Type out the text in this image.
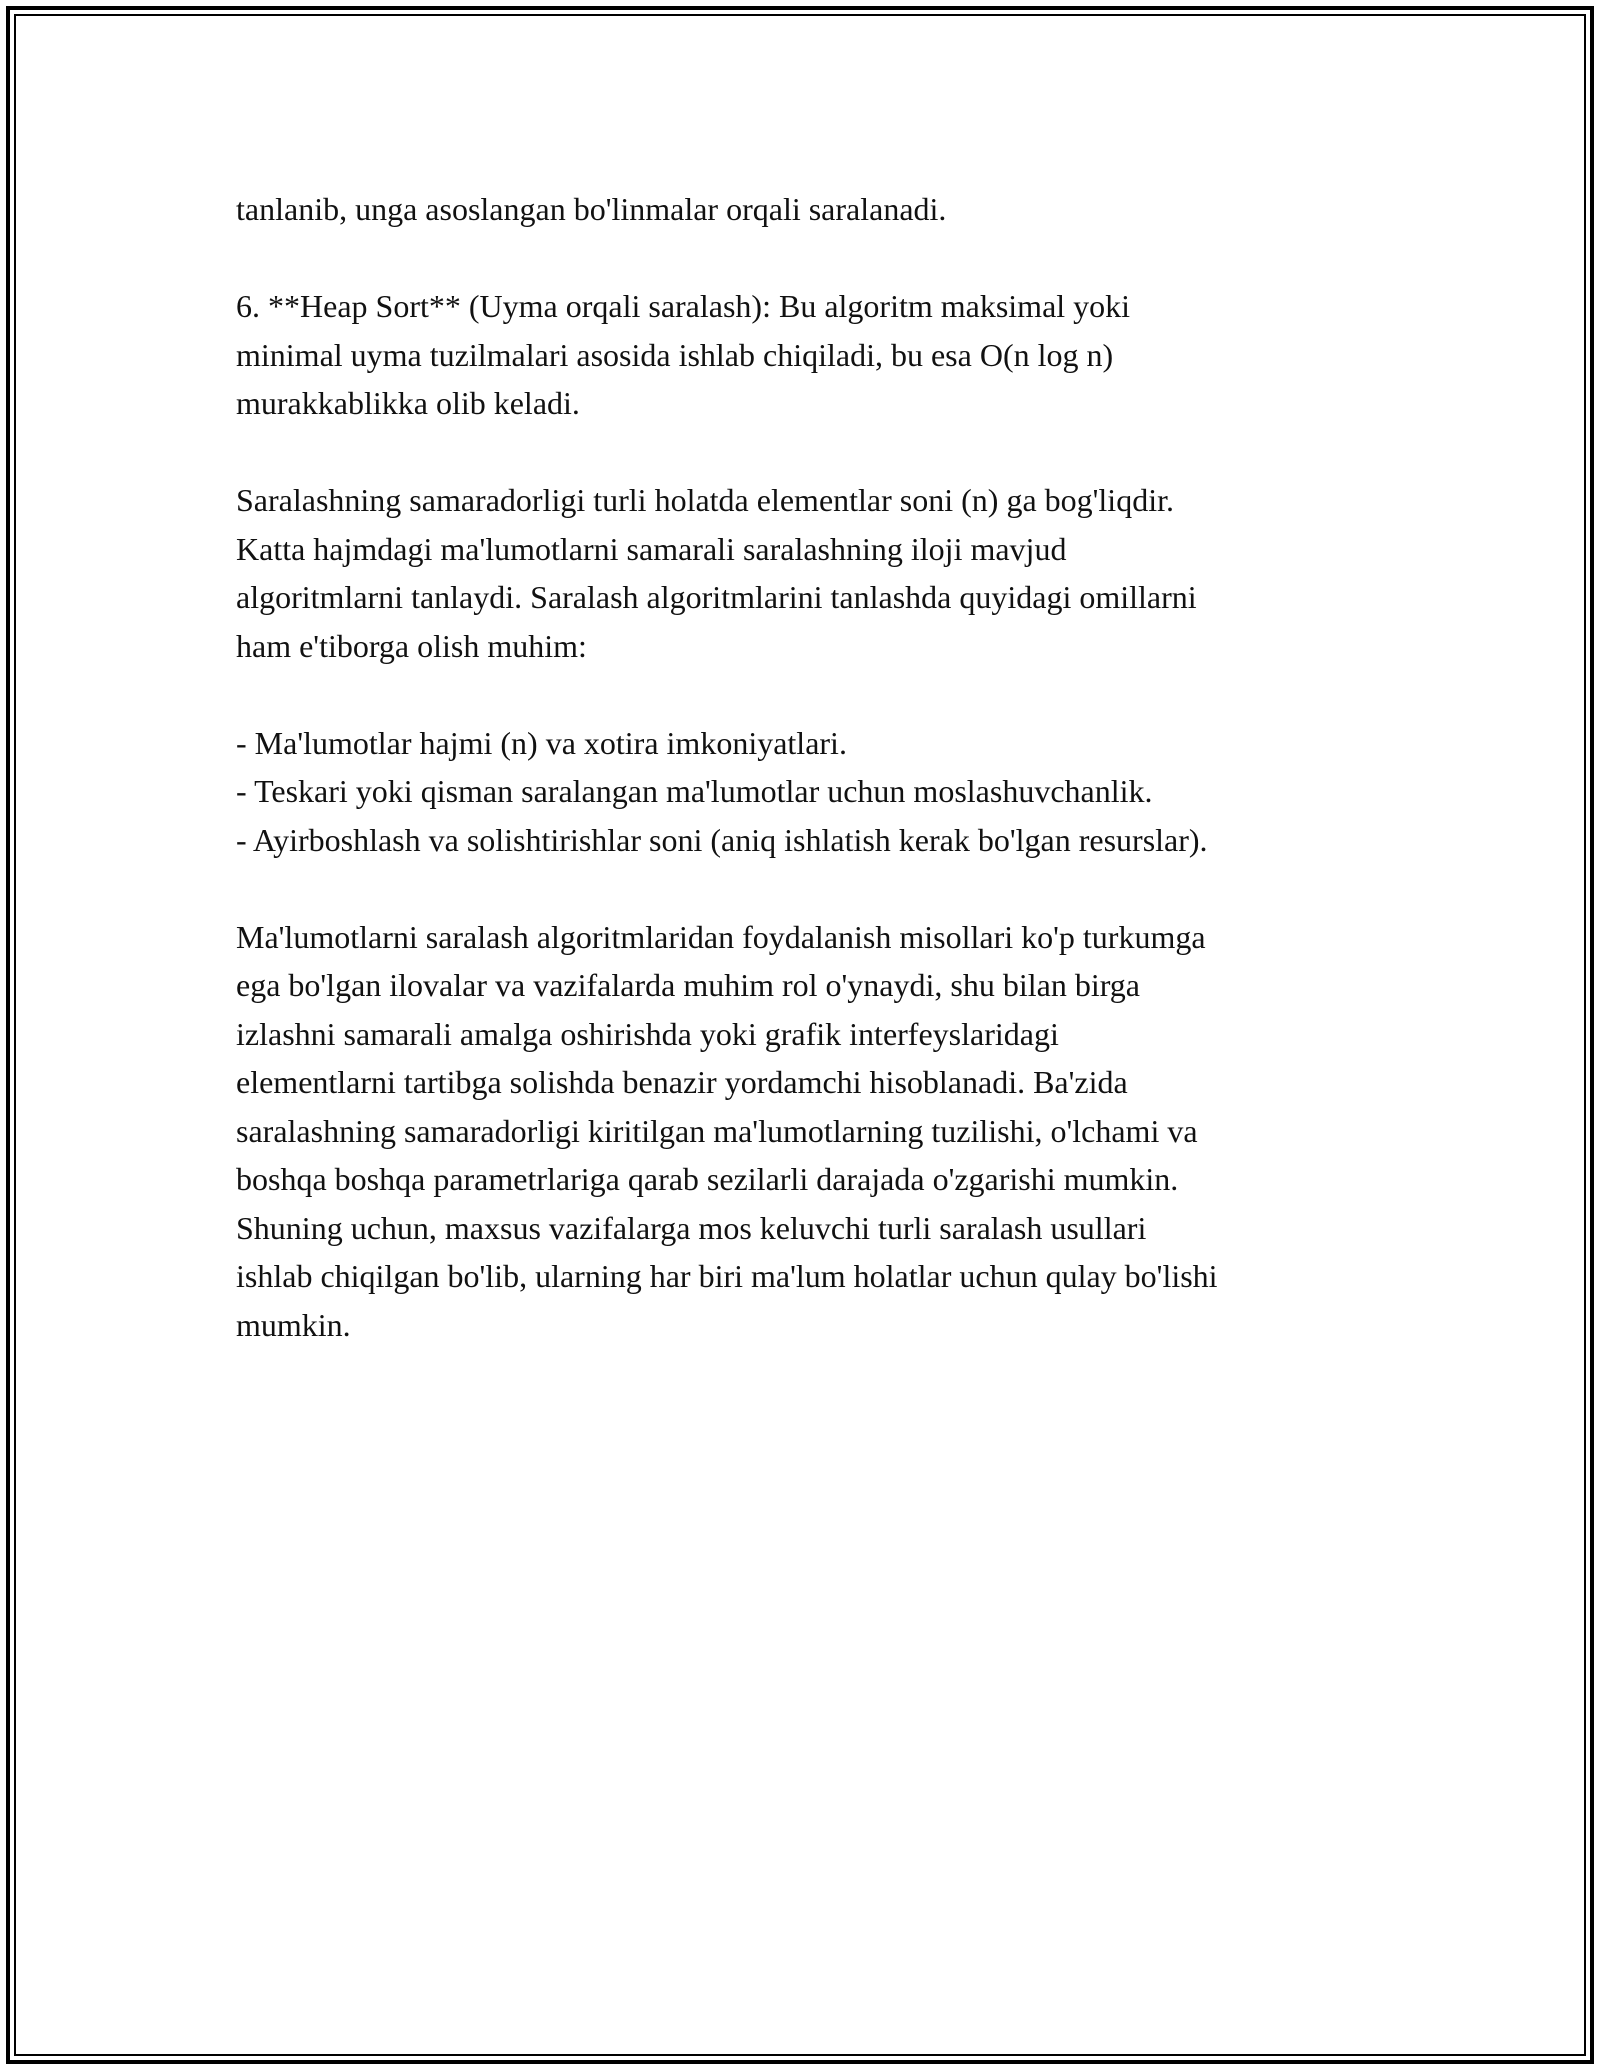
tanlanib, unga asoslangan bo'linmalar orqali saralanadi.

6. **Heap Sort** (Uyma orqali saralash): Bu algoritm maksimal yoki
minimal uyma tuzilmalari asosida ishlab chiqiladi, bu esa O(n log n)
murakkablikka olib keladi.

Saralashning samaradorligi turli holatda elementlar soni (n) ga bog'liqdir.
Katta hajmdagi ma'lumotlarni samarali saralashning iloji mavjud
algoritmlarni tanlaydi. Saralash algoritmlarini tanlashda quyidagi omillarni
ham e'tiborga olish muhim:

- Ma'lumotlar hajmi (n) va xotira imkoniyatlari.
- Teskari yoki qisman saralangan ma'lumotlar uchun moslashuvchanlik.
- Ayirboshlash va solishtirishlar soni (aniq ishlatish kerak bo'lgan resurslar).

Ma'lumotlarni saralash algoritmlaridan foydalanish misollari ko'p turkumga
ega bo'lgan ilovalar va vazifalarda muhim rol o'ynaydi, shu bilan birga
izlashni samarali amalga oshirishda yoki grafik interfeyslaridagi
elementlarni tartibga solishda benazir yordamchi hisoblanadi. Ba'zida
saralashning samaradorligi kiritilgan ma'lumotlarning tuzilishi, o'lchami va
boshqa boshqa parametrlariga qarab sezilarli darajada o'zgarishi mumkin.
Shuning uchun, maxsus vazifalarga mos keluvchi turli saralash usullari
ishlab chiqilgan bo'lib, ularning har biri ma'lum holatlar uchun qulay bo'lishi
mumkin.
